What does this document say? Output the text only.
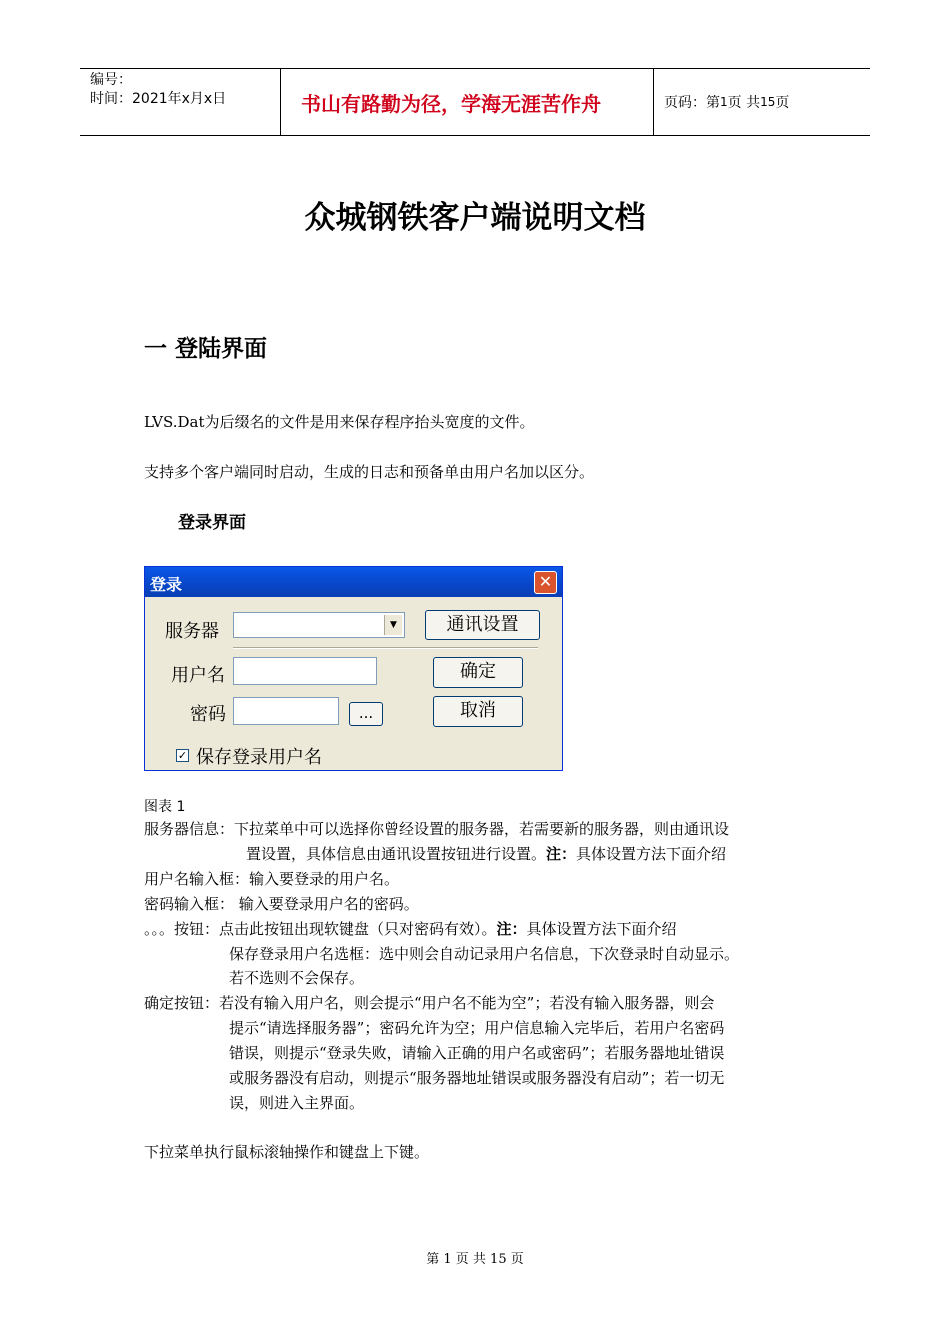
编号：
时间：2021年x月x日	书山有路勤为径，学海无涯苦作舟	页码：第 1 页 共 15 页
众城钢铁客户端说明文档
一 登陆界面
LVS.Dat为后缀名的文件是用来保存程序抬头宽度的文件。
支持多个客户端同时启动，生成的日志和预备单由用户名加以区分。
登录界面
登录	✕
服务器	▼	通讯设置
用户名	确定
密码	...	取消
✓ 保存登录用户名
图表 1
服务器信息：下拉菜单中可以选择你曾经设置的服务器，若需要新的服务器，则由通讯设
置设置，具体信息由通讯设置按钮进行设置。注：具体设置方法下面介绍
用户名输入框：输入要登录的用户名。
密码输入框： 输入要登录用户名的密码。
。。。按钮：点击此按钮出现软键盘（只对密码有效）。注：具体设置方法下面介绍
保存登录用户名选框：选中则会自动记录用户名信息，下次登录时自动显示。
若不选则不会保存。
确定按钮：若没有输入用户名，则会提示“用户名不能为空”；若没有输入服务器，则会
提示“请选择服务器”；密码允许为空；用户信息输入完毕后，若用户名密码
错误，则提示“登录失败，请输入正确的用户名或密码”；若服务器地址错误
或服务器没有启动，则提示“服务器地址错误或服务器没有启动”；若一切无
误，则进入主界面。
下拉菜单执行鼠标滚轴操作和键盘上下键。
第 1 页 共 15 页
